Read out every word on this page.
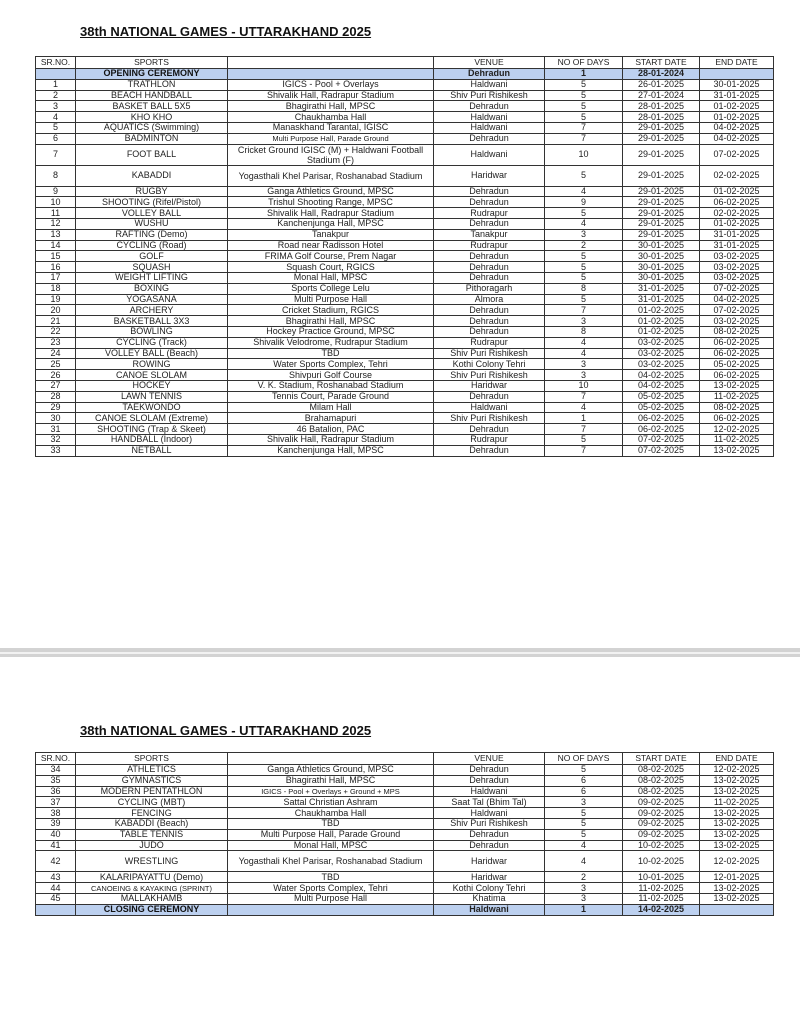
38th NATIONAL GAMES - UTTARAKHAND 2025
SR.NO.	SPORTS		VENUE	NO OF DAYS	START DATE	END DATE
	OPENING CEREMONY		Dehradun	1	28-01-2024	
1	TRATHLON	IGICS - Pool + Overlays	Haldwani	5	26-01-2025	30-01-2025
2	BEACH HANDBALL	Shivalik Hall, Radrapur Stadium	Shiv Puri Rishikesh	5	27-01-2024	31-01-2025
3	BASKET BALL 5X5	Bhagirathi Hall, MPSC	Dehradun	5	28-01-2025	01-02-2025
4	KHO KHO	Chaukhamba Hall	Haldwani	5	28-01-2025	01-02-2025
5	AQUATICS (Swimming)	Manaskhand Tarantal, IGISC	Haldwani	7	29-01-2025	04-02-2025
6	BADMINTON	Multi Purpose Hall, Parade Ground	Dehradun	7	29-01-2025	04-02-2025
7	FOOT BALL	Cricket Ground IGISC (M) + Haldwani Football Stadium (F)	Haldwani	10	29-01-2025	07-02-2025
8	KABADDI	Yogasthali Khel Parisar, Roshanabad Stadium	Haridwar	5	29-01-2025	02-02-2025
9	RUGBY	Ganga Athletics Ground, MPSC	Dehradun	4	29-01-2025	01-02-2025
10	SHOOTING (Rifel/Pistol)	Trishul Shooting Range, MPSC	Dehradun	9	29-01-2025	06-02-2025
11	VOLLEY BALL	Shivalik Hall, Radrapur Stadium	Rudrapur	5	29-01-2025	02-02-2025
12	WUSHU	Kanchenjunga Hall, MPSC	Dehradun	4	29-01-2025	01-02-2025
13	RAFTING (Demo)	Tanakpur	Tanakpur	3	29-01-2025	31-01-2025
14	CYCLING (Road)	Road near Radisson Hotel	Rudrapur	2	30-01-2025	31-01-2025
15	GOLF	FRIMA Golf Course, Prem Nagar	Dehradun	5	30-01-2025	03-02-2025
16	SQUASH	Squash Court, RGICS	Dehradun	5	30-01-2025	03-02-2025
17	WEIGHT LIFTING	Monal Hall, MPSC	Dehradun	5	30-01-2025	03-02-2025
18	BOXING	Sports College Lelu	Pithoragarh	8	31-01-2025	07-02-2025
19	YOGASANA	Multi Purpose Hall	Almora	5	31-01-2025	04-02-2025
20	ARCHERY	Cricket Stadium, RGICS	Dehradun	7	01-02-2025	07-02-2025
21	BASKETBALL 3X3	Bhagirathi Hall, MPSC	Dehradun	3	01-02-2025	03-02-2025
22	BOWLING	Hockey Practice Ground, MPSC	Dehradun	8	01-02-2025	08-02-2025
23	CYCLING (Track)	Shivalik Velodrome, Rudrapur Stadium	Rudrapur	4	03-02-2025	06-02-2025
24	VOLLEY BALL (Beach)	TBD	Shiv Puri Rishikesh	4	03-02-2025	06-02-2025
25	ROWING	Water Sports Complex, Tehri	Kothi Colony Tehri	3	03-02-2025	05-02-2025
26	CANOE SLOLAM	Shivpuri Golf Course	Shiv Puri Rishikesh	3	04-02-2025	06-02-2025
27	HOCKEY	V. K. Stadium, Roshanabad Stadium	Haridwar	10	04-02-2025	13-02-2025
28	LAWN TENNIS	Tennis Court, Parade Ground	Dehradun	7	05-02-2025	11-02-2025
29	TAEKWONDO	Milam Hall	Haldwani	4	05-02-2025	08-02-2025
30	CANOE SLOLAM (Extreme)	Brahamapuri	Shiv Puri Rishikesh	1	06-02-2025	06-02-2025
31	SHOOTING (Trap & Skeet)	46 Batalion, PAC	Dehradun	7	06-02-2025	12-02-2025
32	HANDBALL (Indoor)	Shivalik Hall, Radrapur Stadium	Rudrapur	5	07-02-2025	11-02-2025
33	NETBALL	Kanchenjunga Hall, MPSC	Dehradun	7	07-02-2025	13-02-2025
38th NATIONAL GAMES - UTTARAKHAND 2025
SR.NO.	SPORTS		VENUE	NO OF DAYS	START DATE	END DATE
34	ATHLETICS	Ganga Athletics Ground, MPSC	Dehradun	5	08-02-2025	12-02-2025
35	GYMNASTICS	Bhagirathi Hall, MPSC	Dehradun	6	08-02-2025	13-02-2025
36	MODERN PENTATHLON	IGICS - Pool + Overlays + Ground + MPS	Haldwani	6	08-02-2025	13-02-2025
37	CYCLING (MBT)	Sattal Christian Ashram	Saat Tal (Bhim Tal)	3	09-02-2025	11-02-2025
38	FENCING	Chaukhamba Hall	Haldwani	5	09-02-2025	13-02-2025
39	KABADDI (Beach)	TBD	Shiv Puri Rishikesh	5	09-02-2025	13-02-2025
40	TABLE TENNIS	Multi Purpose Hall, Parade Ground	Dehradun	5	09-02-2025	13-02-2025
41	JUDO	Monal Hall, MPSC	Dehradun	4	10-02-2025	13-02-2025
42	WRESTLING	Yogasthali Khel Parisar, Roshanabad Stadium	Haridwar	4	10-02-2025	12-02-2025
43	KALARIPAYATTU (Demo)	TBD	Haridwar	2	10-01-2025	12-01-2025
44	CANOEING & KAYAKING (SPRINT)	Water Sports Complex, Tehri	Kothi Colony Tehri	3	11-02-2025	13-02-2025
45	MALLAKHAMB	Multi Purpose Hall	Khatima	3	11-02-2025	13-02-2025
	CLOSING CEREMONY		Haldwani	1	14-02-2025	
